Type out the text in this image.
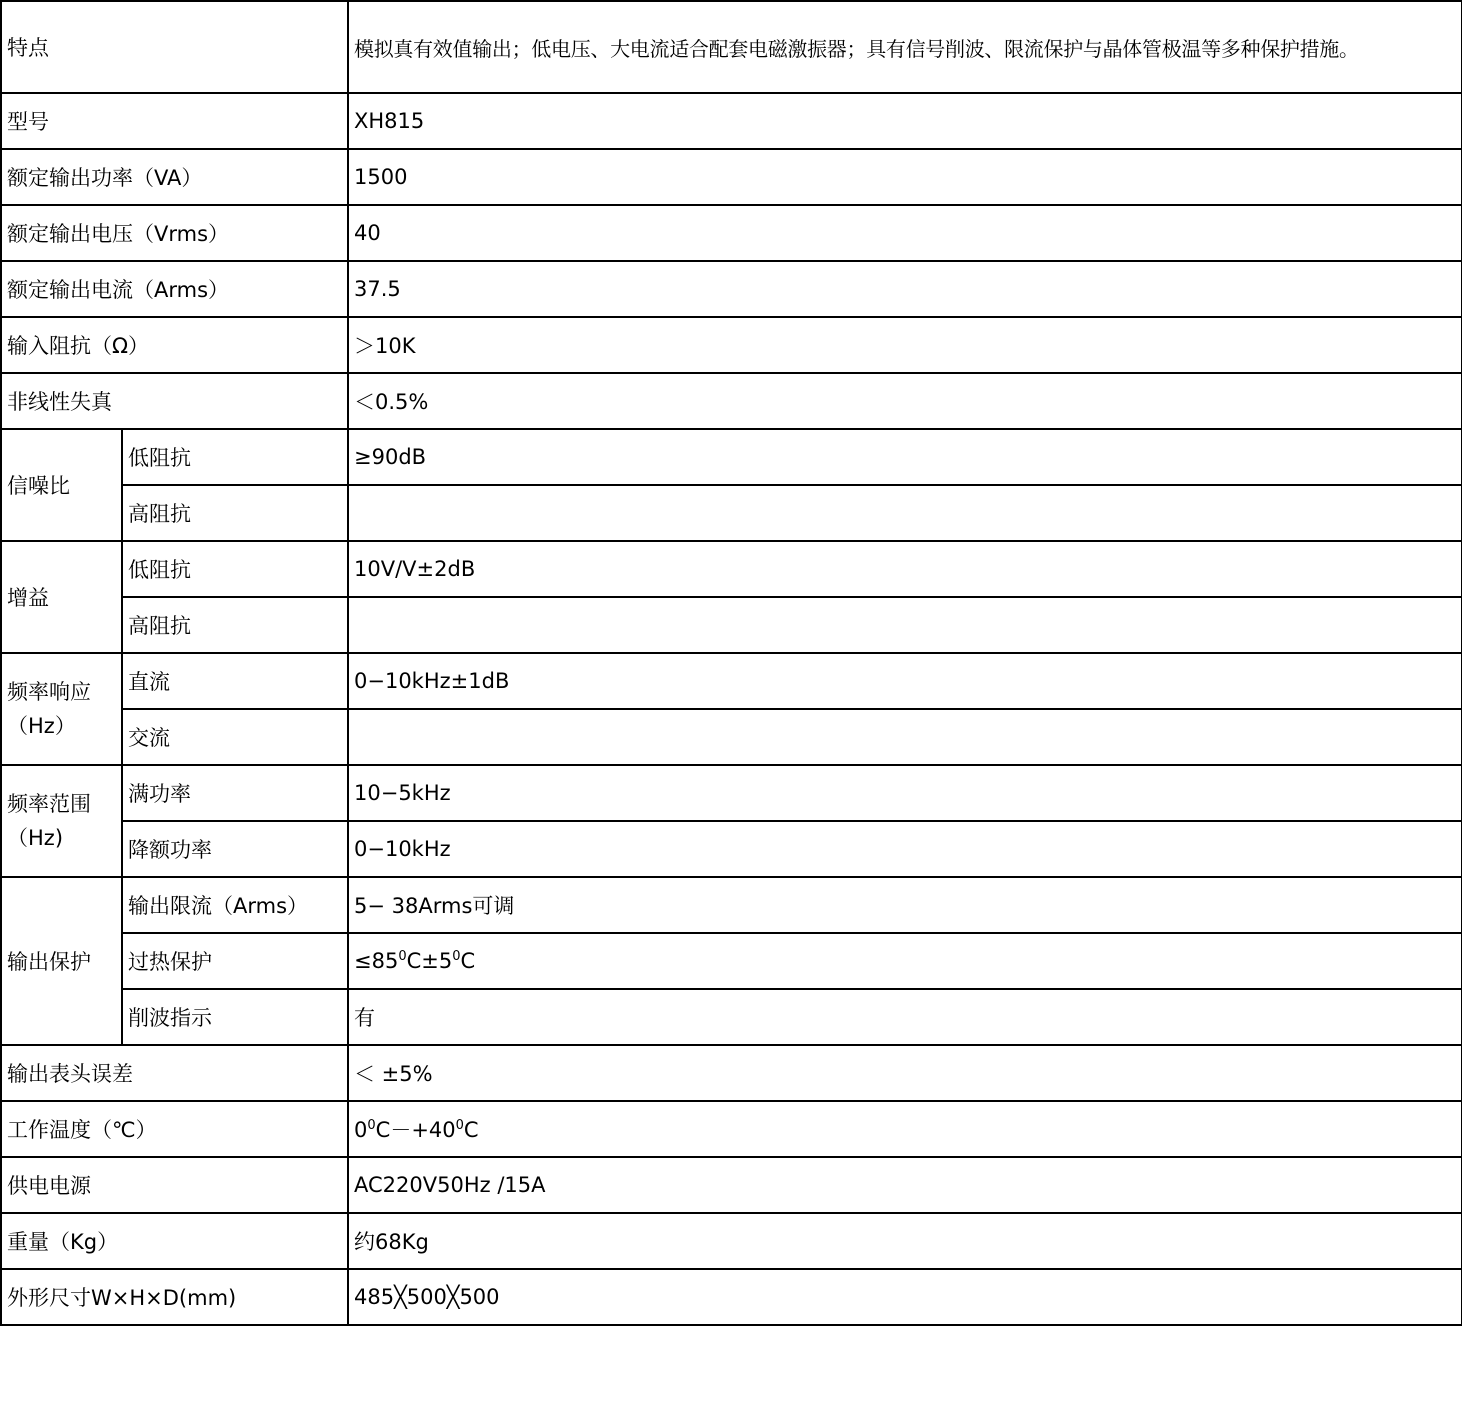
特点		模拟真有效值输出；低电压、大电流适合配套电磁激振器；具有信号削波、限流保护与晶体管极温等多种保护措施。
型号		XH815
额定输出功率（VA）		1500
额定输出电压（Vrms）		40
额定输出电流（Arms）		37.5
输入阻抗（Ω）		＞10K
非线性失真		＜0.5%
信噪比	低阻抗	≥90dB
	高阻抗	
增益	低阻抗	10V/V±2dB
	高阻抗	
频率响应（Hz）	直流	0−10kHz±1dB
	交流	
频率范围（Hz)	满功率	10−5kHz
	降额功率	0−10kHz
输出保护	输出限流（Arms）	5− 38Arms可调
	过热保护	$\le 85^0C\pm 5^0C$
	削波指示	有
输出表头误差		＜ ±5%
工作温度（℃）		$0^0C-+40^0C$
供电电源		AC220V50Hz /15A
重量（Kg）		约68Kg
外形尺寸W×H×D(mm)		485╳500╳500
